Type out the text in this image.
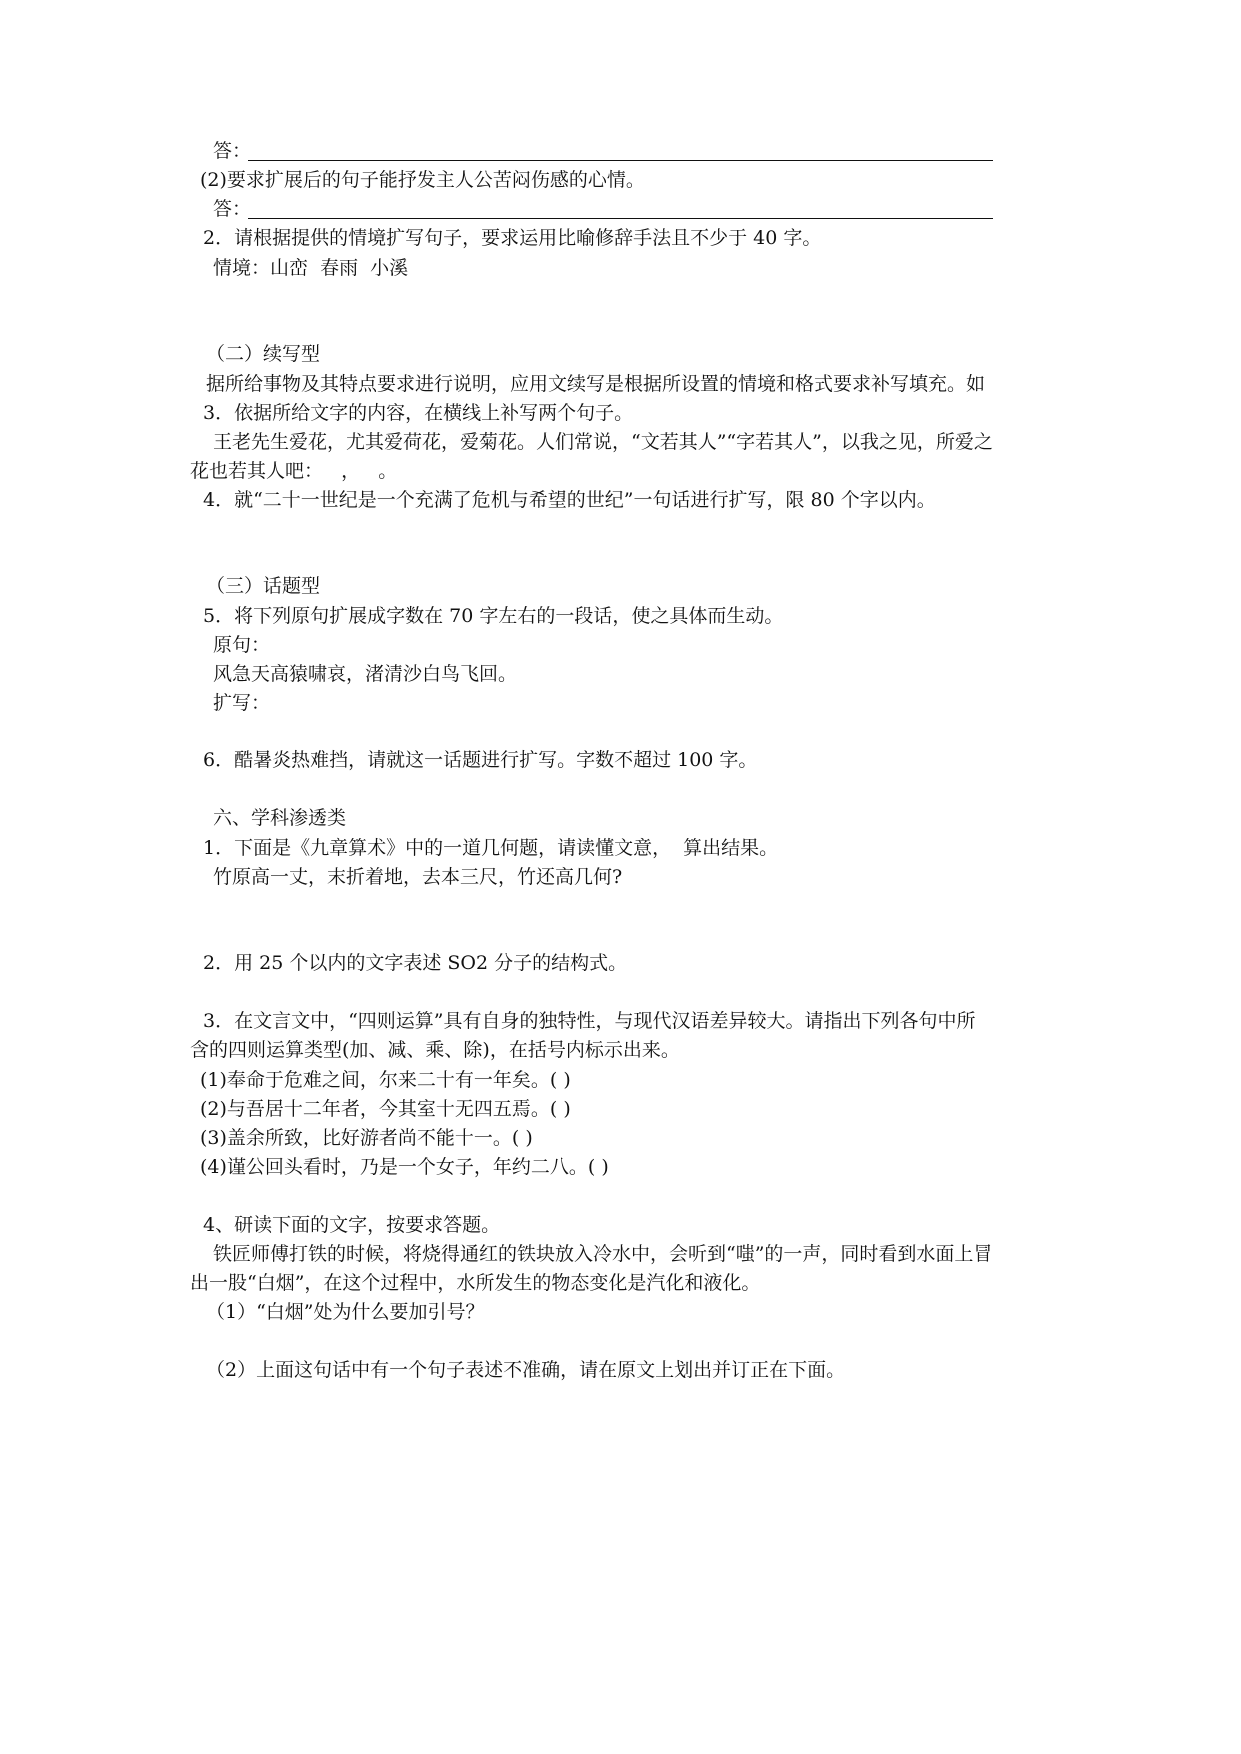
答：
(2)要求扩展后的句子能抒发主人公苦闷伤感的心情。
答：
2．请根据提供的情境扩写句子，要求运用比喻修辞手法且不少于 40 字。
情境：山峦  春雨  小溪
（二）续写型
据所给事物及其特点要求进行说明，应用文续写是根据所设置的情境和格式要求补写填充。如
3．依据所给文字的内容，在横线上补写两个句子。
王老先生爱花，尤其爱荷花，爱菊花。人们常说，“文若其人”“字若其人”，以我之见，所爱之
花也若其人吧：   ，   。
4．就“二十一世纪是一个充满了危机与希望的世纪”一句话进行扩写，限 80 个字以内。
（三）话题型
5．将下列原句扩展成字数在 70 字左右的一段话，使之具体而生动。
原句：
风急天高猿啸哀，渚清沙白鸟飞回。
扩写：
6．酷暑炎热难挡，请就这一话题进行扩写。字数不超过 100 字。
六、学科渗透类
1．下面是《九章算术》中的一道几何题，请读懂文意，  算出结果。
竹原高一丈，末折着地，去本三尺，竹还高几何?
2．用 25 个以内的文字表述 SO2 分子的结构式。
3．在文言文中，“四则运算”具有自身的独特性，与现代汉语差异较大。请指出下列各句中所
含的四则运算类型(加、减、乘、除)，在括号内标示出来。
(1)奉命于危难之间，尔来二十有一年矣。( )
(2)与吾居十二年者，今其室十无四五焉。( )
(3)盖余所致，比好游者尚不能十一。( )
(4)谨公回头看时，乃是一个女子，年约二八。( )
4、研读下面的文字，按要求答题。
铁匠师傅打铁的时候，将烧得通红的铁块放入冷水中，会听到“嗤”的一声，同时看到水面上冒
出一股“白烟”，在这个过程中，水所发生的物态变化是汽化和液化。
（1）“白烟”处为什么要加引号？
（2）上面这句话中有一个句子表述不准确，请在原文上划出并订正在下面。
